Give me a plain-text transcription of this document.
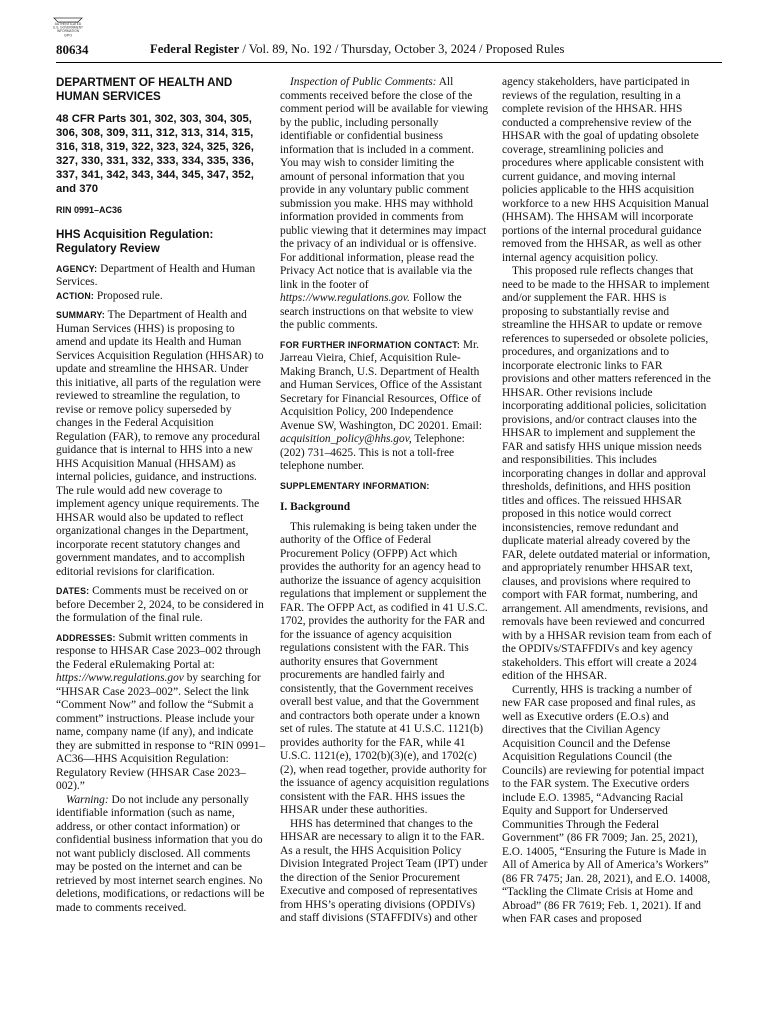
AUTHENTICATED
U.S. GOVERNMENT
INFORMATION
GPO
80634	Federal Register / Vol. 89, No. 192 / Thursday, October 3, 2024 / Proposed Rules

DEPARTMENT OF HEALTH AND HUMAN SERVICES

48 CFR Parts 301, 302, 303, 304, 305, 306, 308, 309, 311, 312, 313, 314, 315, 316, 318, 319, 322, 323, 324, 325, 326, 327, 330, 331, 332, 333, 334, 335, 336, 337, 341, 342, 343, 344, 345, 347, 352, and 370

RIN 0991–AC36

HHS Acquisition Regulation: Regulatory Review

AGENCY: Department of Health and Human Services.

ACTION: Proposed rule.

SUMMARY: The Department of Health and Human Services (HHS) is proposing to amend and update its Health and Human Services Acquisition Regulation (HHSAR) to update and streamline the HHSAR. Under this initiative, all parts of the regulation were reviewed to streamline the regulation, to revise or remove policy superseded by changes in the Federal Acquisition Regulation (FAR), to remove any procedural guidance that is internal to HHS into a new HHS Acquisition Manual (HHSAM) as internal policies, guidance, and instructions. The rule would add new coverage to implement agency unique requirements. The HHSAR would also be updated to reflect organizational changes in the Department, incorporate recent statutory changes and government mandates, and to accomplish editorial revisions for clarification.

DATES: Comments must be received on or before December 2, 2024, to be considered in the formulation of the final rule.

ADDRESSES: Submit written comments in response to HHSAR Case 2023–002 through the Federal eRulemaking Portal at: https://www.regulations.gov by searching for “HHSAR Case 2023–002”. Select the link “Comment Now” and follow the “Submit a comment” instructions. Please include your name, company name (if any), and indicate they are submitted in response to “RIN 0991–AC36—HHS Acquisition Regulation: Regulatory Review (HHSAR Case 2023–002).”

Warning: Do not include any personally identifiable information (such as name, address, or other contact information) or confidential business information that you do not want publicly disclosed. All comments may be posted on the internet and can be retrieved by most internet search engines. No deletions, modifications, or redactions will be made to comments received.

Inspection of Public Comments: All comments received before the close of the comment period will be available for viewing by the public, including personally identifiable or confidential business information that is included in a comment. You may wish to consider limiting the amount of personal information that you provide in any voluntary public comment submission you make. HHS may withhold information provided in comments from public viewing that it determines may impact the privacy of an individual or is offensive. For additional information, please read the Privacy Act notice that is available via the link in the footer of https://www.regulations.gov. Follow the search instructions on that website to view the public comments.

FOR FURTHER INFORMATION CONTACT: Mr. Jarreau Vieira, Chief, Acquisition Rule-Making Branch, U.S. Department of Health and Human Services, Office of the Assistant Secretary for Financial Resources, Office of Acquisition Policy, 200 Independence Avenue SW, Washington, DC 20201. Email: acquisition_policy@hhs.gov, Telephone: (202) 731–4625. This is not a toll-free telephone number.

SUPPLEMENTARY INFORMATION:

I. Background

This rulemaking is being taken under the authority of the Office of Federal Procurement Policy (OFPP) Act which provides the authority for an agency head to authorize the issuance of agency acquisition regulations that implement or supplement the FAR. The OFPP Act, as codified in 41 U.S.C. 1702, provides the authority for the FAR and for the issuance of agency acquisition regulations consistent with the FAR. This authority ensures that Government procurements are handled fairly and consistently, that the Government receives overall best value, and that the Government and contractors both operate under a known set of rules. The statute at 41 U.S.C. 1121(b) provides authority for the FAR, while 41 U.S.C. 1121(e), 1702(b)(3)(e), and 1702(c)(2), when read together, provide authority for the issuance of agency acquisition regulations consistent with the FAR. HHS issues the HHSAR under these authorities.

HHS has determined that changes to the HHSAR are necessary to align it to the FAR. As a result, the HHS Acquisition Policy Division Integrated Project Team (IPT) under the direction of the Senior Procurement Executive and composed of representatives from HHS’s operating divisions (OPDIVs) and staff divisions (STAFFDIVs) and other

agency stakeholders, have participated in reviews of the regulation, resulting in a complete revision of the HHSAR. HHS conducted a comprehensive review of the HHSAR with the goal of updating obsolete coverage, streamlining policies and procedures where applicable consistent with current guidance, and moving internal policies applicable to the HHS acquisition workforce to a new HHS Acquisition Manual (HHSAM). The HHSAM will incorporate portions of the internal procedural guidance removed from the HHSAR, as well as other internal agency acquisition policy.

This proposed rule reflects changes that need to be made to the HHSAR to implement and/or supplement the FAR. HHS is proposing to substantially revise and streamline the HHSAR to update or remove references to superseded or obsolete policies, procedures, and organizations and to incorporate electronic links to FAR provisions and other matters referenced in the HHSAR. Other revisions include incorporating additional policies, solicitation provisions, and/or contract clauses into the HHSAR to implement and supplement the FAR and satisfy HHS unique mission needs and responsibilities. This includes incorporating changes in dollar and approval thresholds, definitions, and HHS position titles and offices. The reissued HHSAR proposed in this notice would correct inconsistencies, remove redundant and duplicate material already covered by the FAR, delete outdated material or information, and appropriately renumber HHSAR text, clauses, and provisions where required to comport with FAR format, numbering, and arrangement. All amendments, revisions, and removals have been reviewed and concurred with by a HHSAR revision team from each of the OPDIVs/STAFFDIVs and key agency stakeholders. This effort will create a 2024 edition of the HHSAR.

Currently, HHS is tracking a number of new FAR case proposed and final rules, as well as Executive orders (E.O.s) and directives that the Civilian Agency Acquisition Council and the Defense Acquisition Regulations Council (the Councils) are reviewing for potential impact to the FAR system. The Executive orders include E.O. 13985, “Advancing Racial Equity and Support for Underserved Communities Through the Federal Government” (86 FR 7009; Jan. 25, 2021), E.O. 14005, “Ensuring the Future is Made in All of America by All of America’s Workers” (86 FR 7475; Jan. 28, 2021), and E.O. 14008, “Tackling the Climate Crisis at Home and Abroad” (86 FR 7619; Feb. 1, 2021). If and when FAR cases and proposed
